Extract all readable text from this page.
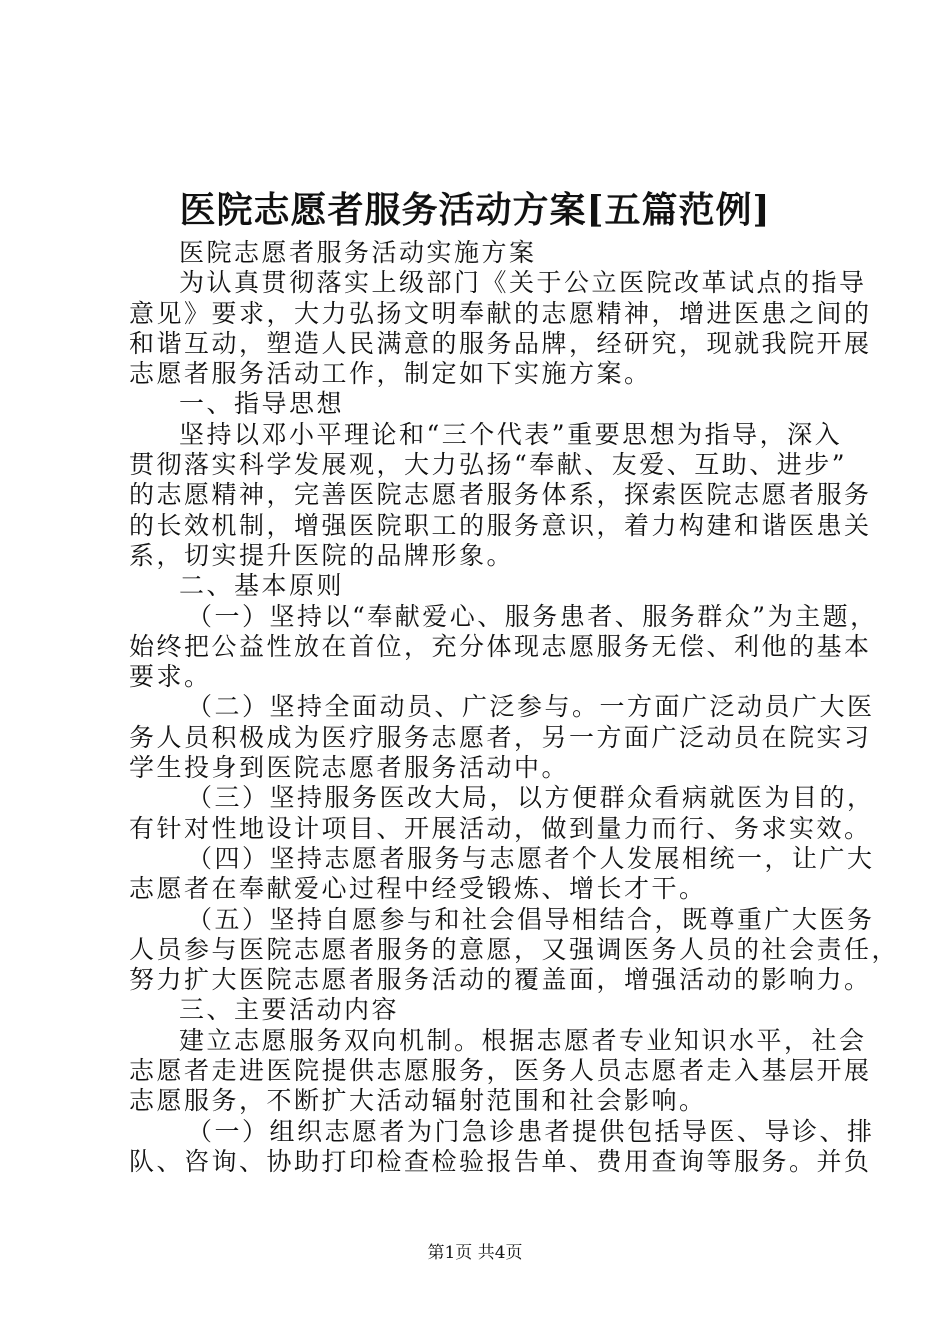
医院志愿者服务活动方案[五篇范例]
医院志愿者服务活动实施方案
为认真贯彻落实上级部门《关于公立医院改革试点的指导
意见》要求，大力弘扬文明奉献的志愿精神，增进医患之间的
和谐互动，塑造人民满意的服务品牌，经研究，现就我院开展
志愿者服务活动工作，制定如下实施方案。
一、指导思想
坚持以邓小平理论和“三个代表”重要思想为指导，深入
贯彻落实科学发展观，大力弘扬“奉献、友爱、互助、进步”
的志愿精神，完善医院志愿者服务体系，探索医院志愿者服务
的长效机制，增强医院职工的服务意识，着力构建和谐医患关
系，切实提升医院的品牌形象。
二、基本原则
（一）坚持以“奉献爱心、服务患者、服务群众”为主题，
始终把公益性放在首位，充分体现志愿服务无偿、利他的基本
要求。
（二）坚持全面动员、广泛参与。一方面广泛动员广大医
务人员积极成为医疗服务志愿者，另一方面广泛动员在院实习
学生投身到医院志愿者服务活动中。
（三）坚持服务医改大局，以方便群众看病就医为目的，
有针对性地设计项目、开展活动，做到量力而行、务求实效。
（四）坚持志愿者服务与志愿者个人发展相统一，让广大
志愿者在奉献爱心过程中经受锻炼、增长才干。
（五）坚持自愿参与和社会倡导相结合，既尊重广大医务
人员参与医院志愿者服务的意愿，又强调医务人员的社会责任，
努力扩大医院志愿者服务活动的覆盖面，增强活动的影响力。
三、主要活动内容
建立志愿服务双向机制。根据志愿者专业知识水平，社会
志愿者走进医院提供志愿服务，医务人员志愿者走入基层开展
志愿服务，不断扩大活动辐射范围和社会影响。
（一）组织志愿者为门急诊患者提供包括导医、导诊、排
队、咨询、协助打印检查检验报告单、费用查询等服务。并负
第1页 共4页
